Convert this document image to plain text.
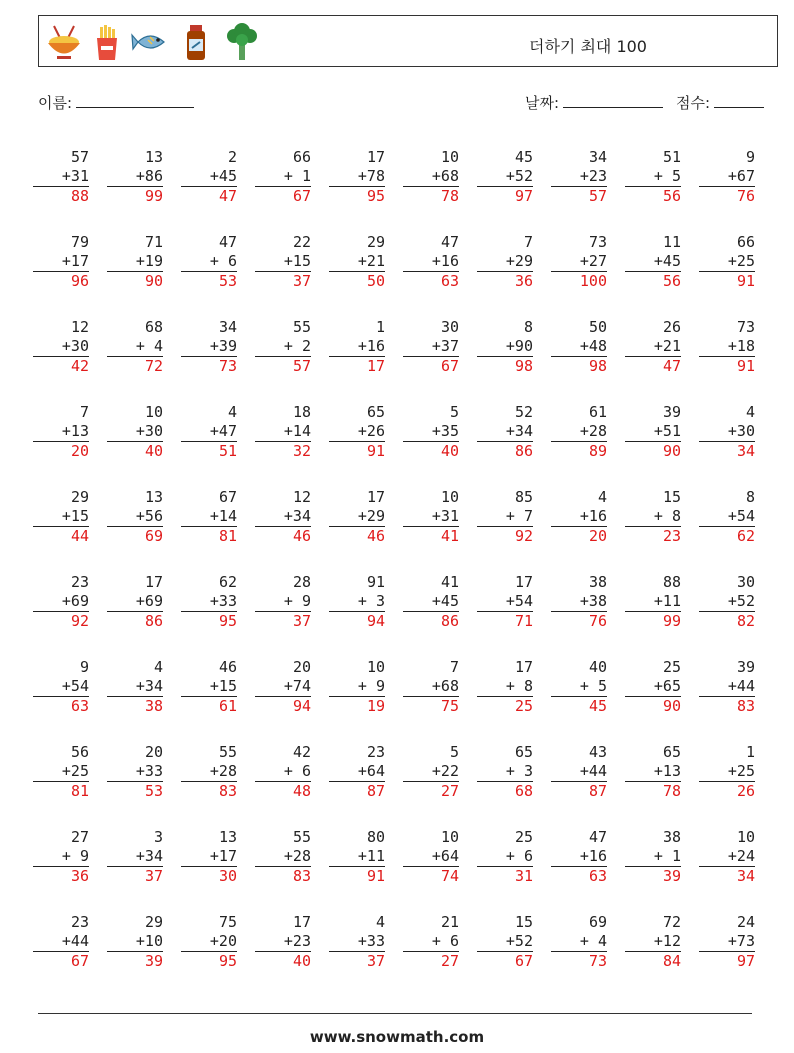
더하기 최대 100
이름:	날짜:	점수:
57
+31
88
13
+86
99
2
+45
47
66
+ 1
67
17
+78
95
10
+68
78
45
+52
97
34
+23
57
51
+ 5
56
9
+67
76
79
+17
96
71
+19
90
47
+ 6
53
22
+15
37
29
+21
50
47
+16
63
7
+29
36
73
+27
100
11
+45
56
66
+25
91
12
+30
42
68
+ 4
72
34
+39
73
55
+ 2
57
1
+16
17
30
+37
67
8
+90
98
50
+48
98
26
+21
47
73
+18
91
7
+13
20
10
+30
40
4
+47
51
18
+14
32
65
+26
91
5
+35
40
52
+34
86
61
+28
89
39
+51
90
4
+30
34
29
+15
44
13
+56
69
67
+14
81
12
+34
46
17
+29
46
10
+31
41
85
+ 7
92
4
+16
20
15
+ 8
23
8
+54
62
23
+69
92
17
+69
86
62
+33
95
28
+ 9
37
91
+ 3
94
41
+45
86
17
+54
71
38
+38
76
88
+11
99
30
+52
82
9
+54
63
4
+34
38
46
+15
61
20
+74
94
10
+ 9
19
7
+68
75
17
+ 8
25
40
+ 5
45
25
+65
90
39
+44
83
56
+25
81
20
+33
53
55
+28
83
42
+ 6
48
23
+64
87
5
+22
27
65
+ 3
68
43
+44
87
65
+13
78
1
+25
26
27
+ 9
36
3
+34
37
13
+17
30
55
+28
83
80
+11
91
10
+64
74
25
+ 6
31
47
+16
63
38
+ 1
39
10
+24
34
23
+44
67
29
+10
39
75
+20
95
17
+23
40
4
+33
37
21
+ 6
27
15
+52
67
69
+ 4
73
72
+12
84
24
+73
97
www.snowmath.com
